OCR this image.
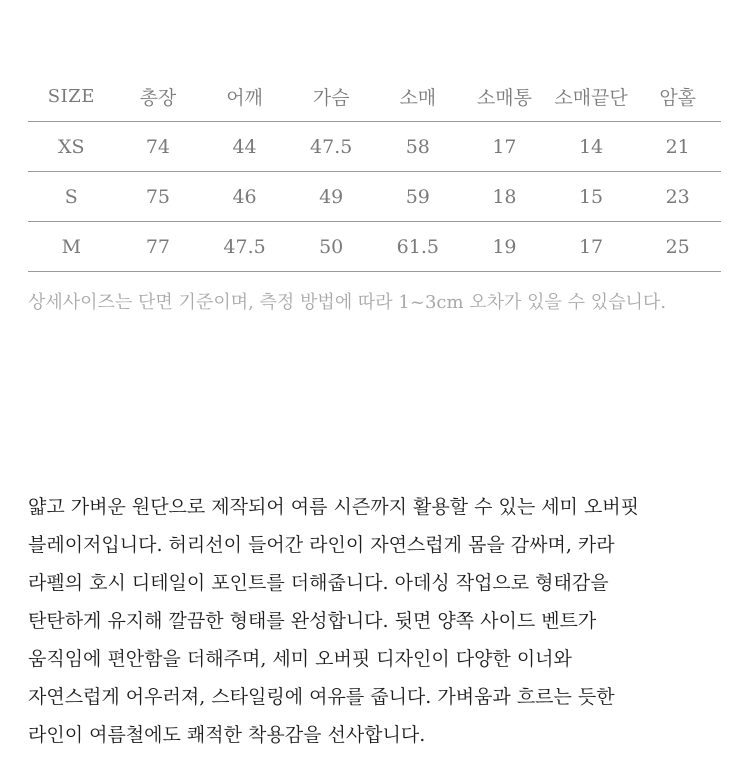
SIZE	총장	어깨	가슴	소매	소매통	소매끝단	암홀
XS	74	44	47.5	58	17	14	21
S	75	46	49	59	18	15	23
M	77	47.5	50	61.5	19	17	25

상세사이즈는 단면 기준이며, 측정 방법에 따라 1~3cm 오차가 있을 수 있습니다.

얇고 가벼운 원단으로 제작되어 여름 시즌까지 활용할 수 있는 세미 오버핏
블레이저입니다. 허리선이 들어간 라인이 자연스럽게 몸을 감싸며, 카라
라펠의 호시 디테일이 포인트를 더해줍니다. 아데싱 작업으로 형태감을
탄탄하게 유지해 깔끔한 형태를 완성합니다. 뒷면 양쪽 사이드 벤트가
움직임에 편안함을 더해주며, 세미 오버핏 디자인이 다양한 이너와
자연스럽게 어우러져, 스타일링에 여유를 줍니다. 가벼움과 흐르는 듯한
라인이 여름철에도 쾌적한 착용감을 선사합니다.
